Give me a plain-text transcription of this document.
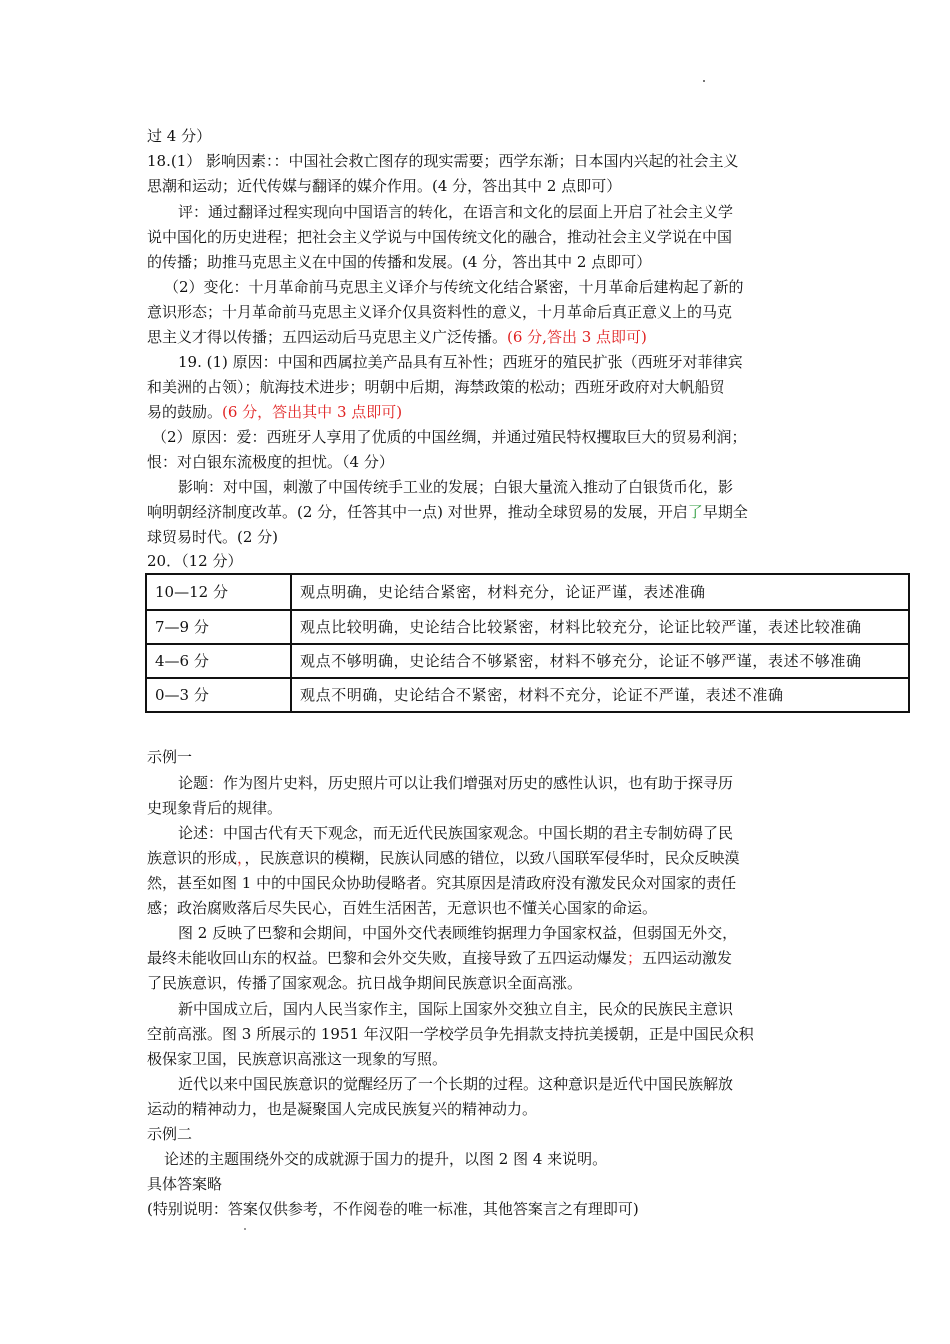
过 4 分）
18.(1） 影响因素：：中国社会救亡图存的现实需要；西学东渐；日本国内兴起的社会主义
思潮和运动；近代传媒与翻译的媒介作用。(4 分，答出其中 2 点即可）
评：通过翻译过程实现向中国语言的转化，在语言和文化的层面上开启了社会主义学
说中国化的历史进程；把社会主义学说与中国传统文化的融合，推动社会主义学说在中国
的传播；助推马克思主义在中国的传播和发展。(4 分，答出其中 2 点即可）
（2）变化：十月革命前马克思主义译介与传统文化结合紧密，十月革命后建构起了新的
意识形态；十月革命前马克思主义译介仅具资料性的意义，十月革命后真正意义上的马克
思主义才得以传播；五四运动后马克思主义广泛传播。(6 分,答出 3 点即可)
19. (1) 原因：中国和西属拉美产品具有互补性；西班牙的殖民扩张（西班牙对菲律宾
和美洲的占领）；航海技术进步；明朝中后期，海禁政策的松动；西班牙政府对大帆船贸
易的鼓励。(6 分，答出其中 3 点即可)
（2）原因：爱：西班牙人享用了优质的中国丝绸，并通过殖民特权攫取巨大的贸易利润；
恨：对白银东流极度的担忧。（4 分）
影响：对中国，刺激了中国传统手工业的发展；白银大量流入推动了白银货币化，影
响明朝经济制度改革。(2 分，任答其中一点) 对世界，推动全球贸易的发展，开启了早期全
球贸易时代。(2 分)
20．（12 分）
10—12 分	观点明确，史论结合紧密，材料充分，论证严谨，表述准确
7—9 分	观点比较明确，史论结合比较紧密，材料比较充分，论证比较严谨，表述比较准确
4—6 分	观点不够明确，史论结合不够紧密，材料不够充分，论证不够严谨，表述不够准确
0—3 分	观点不明确，史论结合不紧密，材料不充分，论证不严谨，表述不准确
示例一
论题：作为图片史料，历史照片可以让我们增强对历史的感性认识，也有助于探寻历
史现象背后的规律。
论述：中国古代有天下观念，而无近代民族国家观念。中国长期的君主专制妨碍了民
族意识的形成，，民族意识的模糊，民族认同感的错位，以致八国联军侵华时，民众反映漠
然，甚至如图 1 中的中国民众协助侵略者。究其原因是清政府没有激发民众对国家的责任
感；政治腐败落后尽失民心，百姓生活困苦，无意识也不懂关心国家的命运。
图 2 反映了巴黎和会期间，中国外交代表顾维钧据理力争国家权益，但弱国无外交，
最终未能收回山东的权益。巴黎和会外交失败，直接导致了五四运动爆发；五四运动激发
了民族意识，传播了国家观念。抗日战争期间民族意识全面高涨。
新中国成立后，国内人民当家作主，国际上国家外交独立自主，民众的民族民主意识
空前高涨。图 3 所展示的 1951 年汉阳一学校学员争先捐款支持抗美援朝，正是中国民众积
极保家卫国，民族意识高涨这一现象的写照。
近代以来中国民族意识的觉醒经历了一个长期的过程。这种意识是近代中国民族解放
运动的精神动力，也是凝聚国人完成民族复兴的精神动力。
示例二
论述的主题围绕外交的成就源于国力的提升，以图 2 图 4 来说明。
具体答案略
(特别说明：答案仅供参考，不作阅卷的唯一标准，其他答案言之有理即可)
